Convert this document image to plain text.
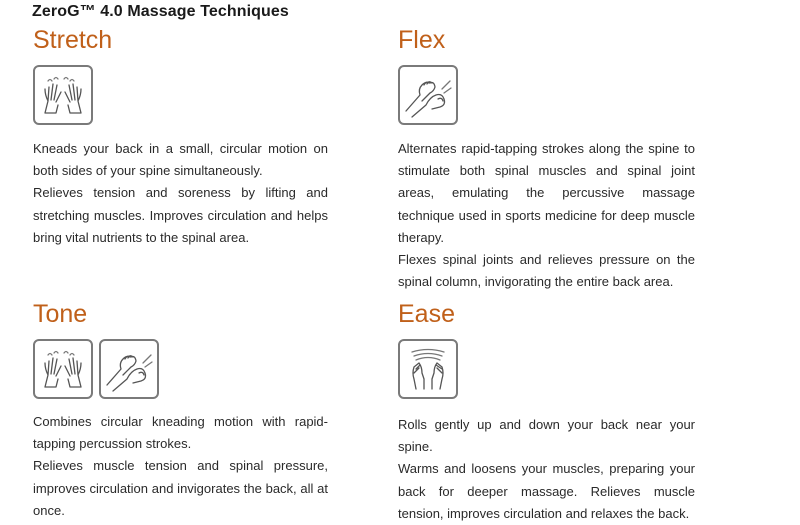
ZeroG™ 4.0 Massage Techniques
Stretch

Kneads your back in a small, circular motion on both sides of your spine simultaneously.

Relieves tension and soreness by lifting and stretching muscles. Improves circulation and helps bring vital nutrients to the spinal area.

Flex

Alternates rapid-tapping strokes along the spine to stimulate both spinal muscles and spinal joint areas, emulating the percussive massage technique used in sports medicine for deep muscle therapy.

Flexes spinal joints and relieves pressure on the spinal column, invigorating the entire back area.

Tone

Combines circular kneading motion with rapid-tapping percussion strokes.

Relieves muscle tension and spinal pressure, improves circulation and invigorates the back, all at once.

Ease

Rolls gently up and down your back near your spine.

Warms and loosens your muscles, preparing your back for deeper massage. Relieves muscle tension, improves circulation and relaxes the back.
